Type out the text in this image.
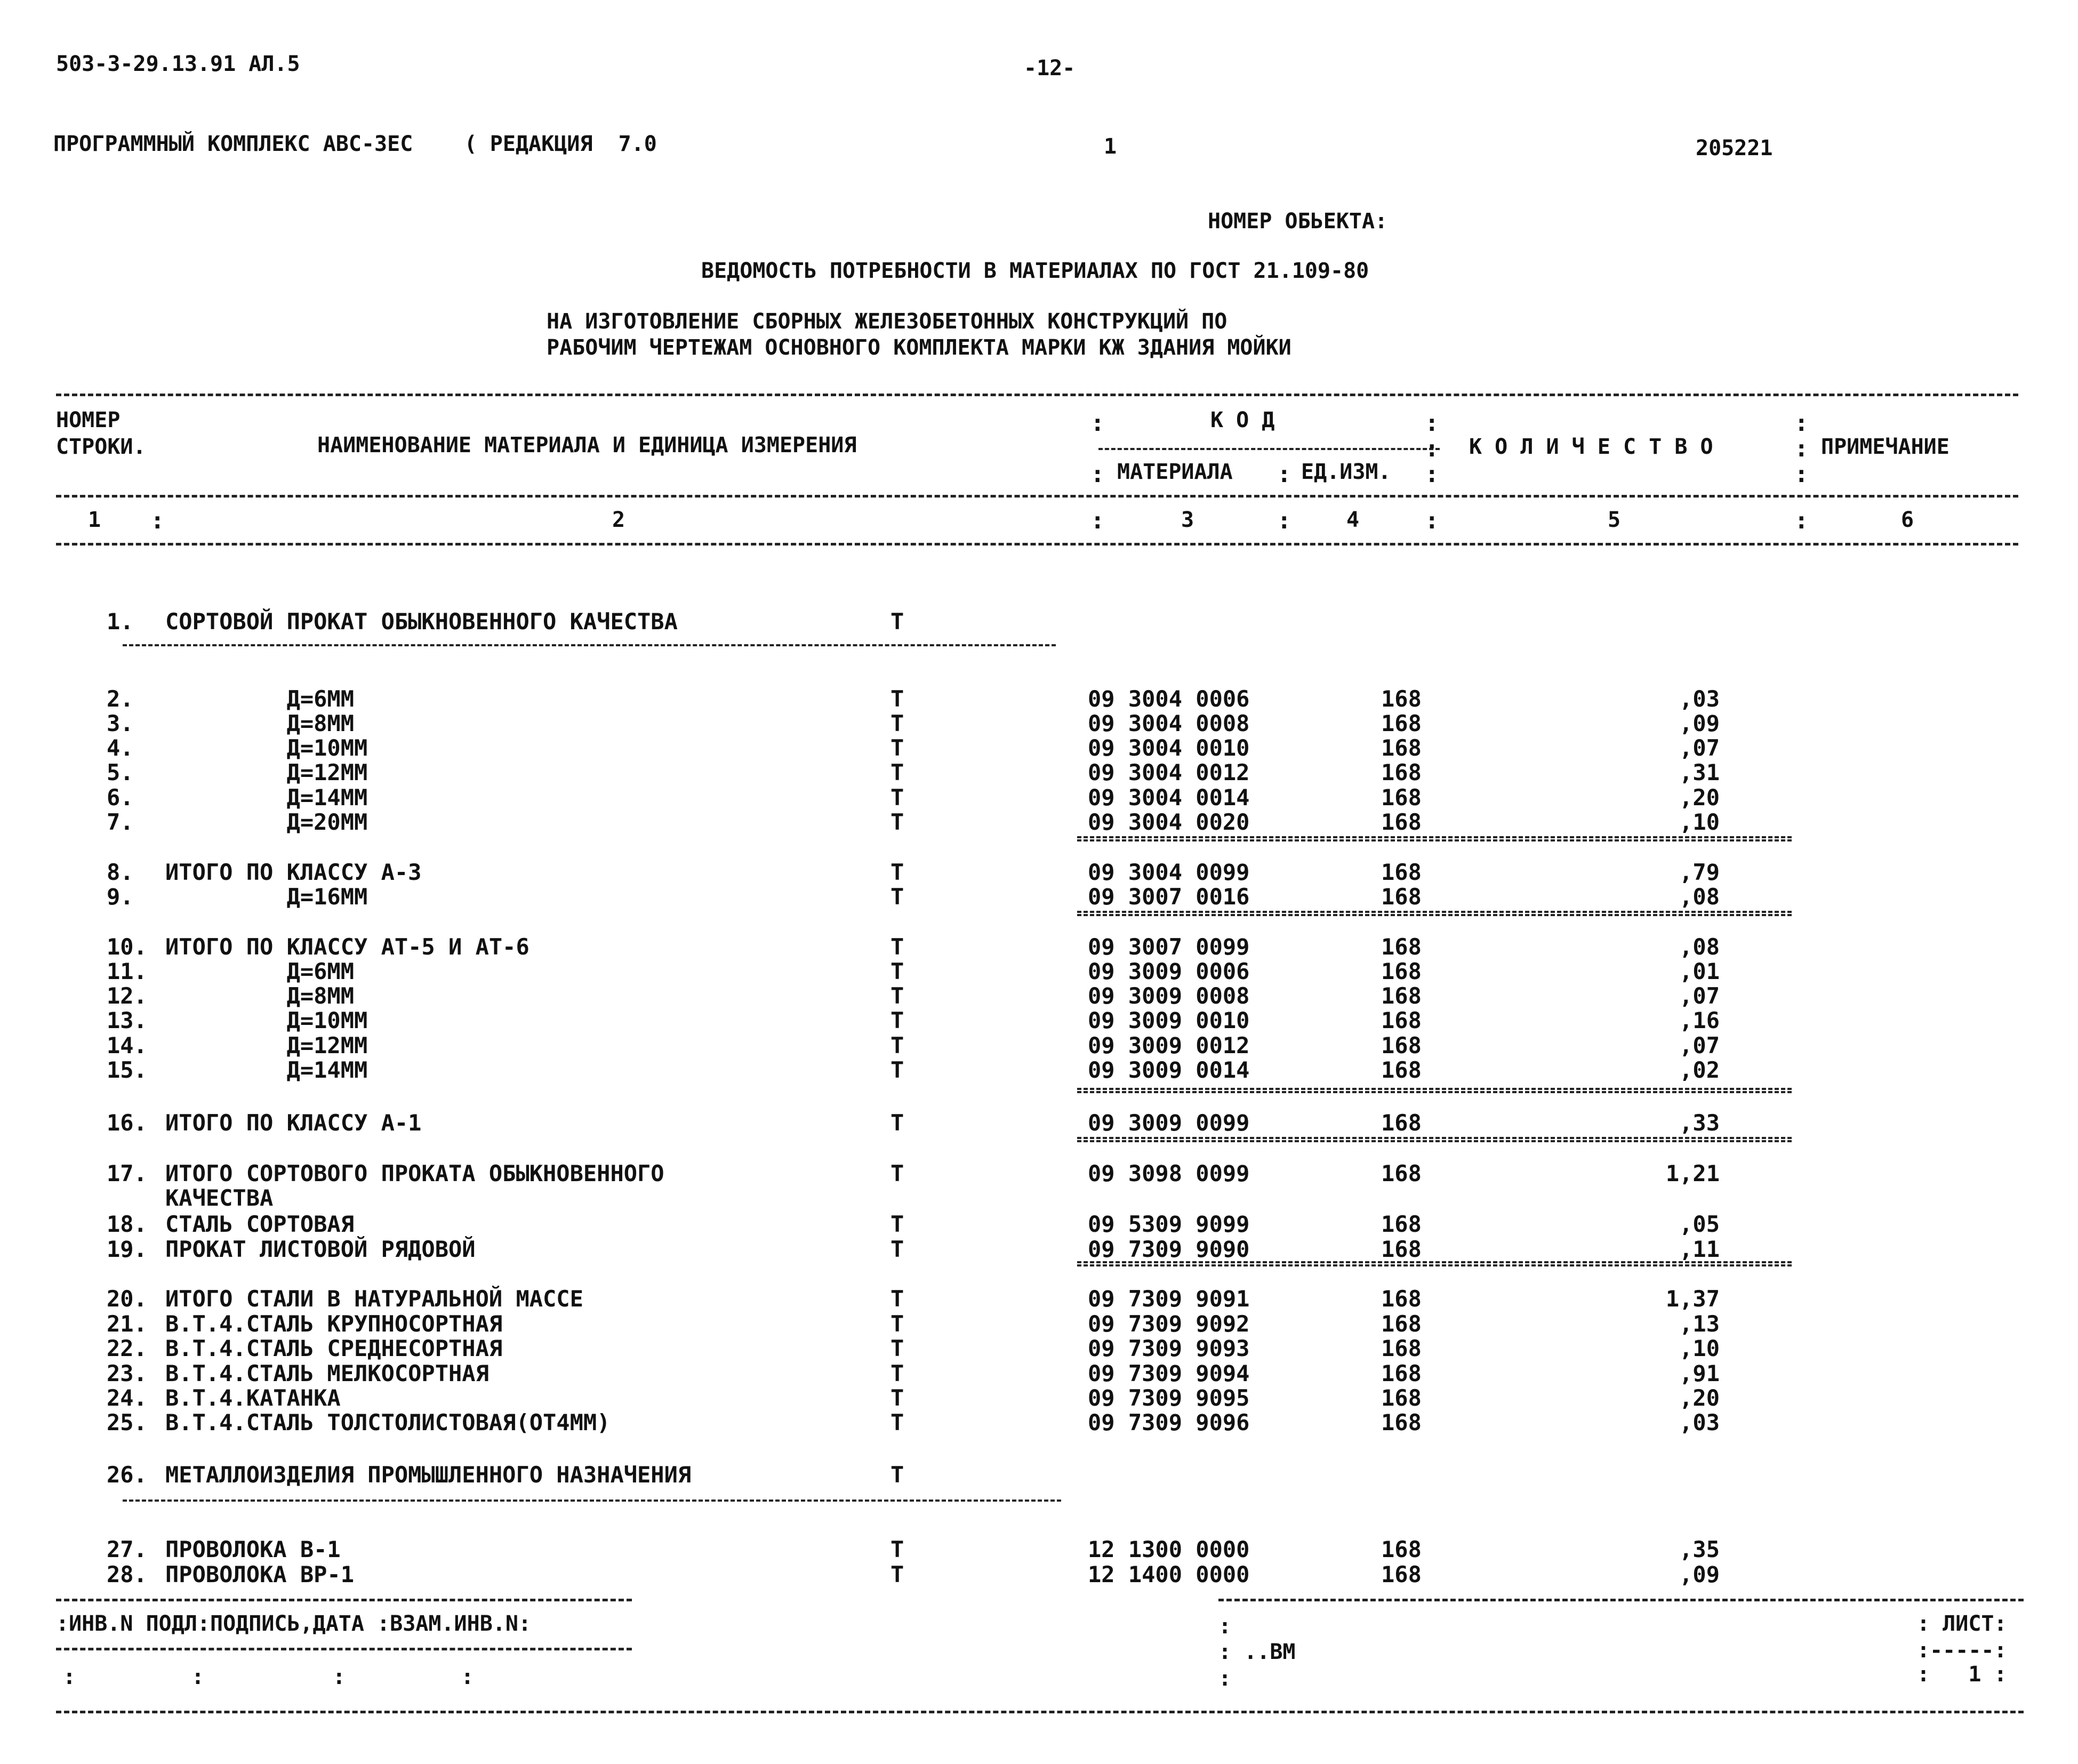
503-3-29.13.91 АЛ.5	-12-
ПРОГРАММНЫЙ КОМПЛЕКС АВС-3ЕС    ( РЕДАКЦИЯ  7.0	1	205221
НОМЕР ОБЬЕКТА:
ВЕДОМОСТЬ ПОТРЕБНОСТИ В МАТЕРИАЛАХ ПО ГОСТ 21.109-80
НА ИЗГОТОВЛЕНИЕ СБОРНЫХ ЖЕЛЕЗОБЕТОННЫХ КОНСТРУКЦИЙ ПО
РАБОЧИМ ЧЕРТЕЖАМ ОСНОВНОГО КОМПЛЕКТА МАРКИ КЖ ЗДАНИЯ МОЙКИ
НОМЕР
СТРОКИ.	НАИМЕНОВАНИЕ МАТЕРИАЛА И ЕДИНИЦА ИЗМЕРЕНИЯ
К О Д
МАТЕРИАЛА	ЕД.ИЗМ.
К О Л И Ч Е С Т В О	ПРИМЕЧАНИЕ
:
:	:
:
:
:
:
:
:
1 :	2	:	3	:	4	:	5	:	6
1. СОРТОВОЙ ПРОКАТ ОБЫКНОВЕННОГО КАЧЕСТВА	Т
2. Д=6ММ	Т	09 3004 0006	168	,03
3. Д=8ММ	Т	09 3004 0008	168	,09
4. Д=10ММ	Т	09 3004 0010	168	,07
5. Д=12ММ	Т	09 3004 0012	168	,31
6. Д=14ММ	Т	09 3004 0014	168	,20
7. Д=20ММ	Т	09 3004 0020	168	,10
8. ИТОГО ПО КЛАССУ А-3	Т	09 3004 0099	168	,79
9. Д=16ММ	Т	09 3007 0016	168	,08
10. ИТОГО ПО КЛАССУ АТ-5 И АТ-6	Т	09 3007 0099	168	,08
11. Д=6ММ	Т	09 3009 0006	168	,01
12. Д=8ММ	Т	09 3009 0008	168	,07
13. Д=10ММ	Т	09 3009 0010	168	,16
14. Д=12ММ	Т	09 3009 0012	168	,07
15. Д=14ММ	Т	09 3009 0014	168	,02
16. ИТОГО ПО КЛАССУ А-1	Т	09 3009 0099	168	,33
17. ИТОГО СОРТОВОГО ПРОКАТА ОБЫКНОВЕННОГО	Т	09 3098 0099	168	1,21
КАЧЕСТВА
18. СТАЛЬ СОРТОВАЯ	Т	09 5309 9099	168	,05
19. ПРОКАТ ЛИСТОВОЙ РЯДОВОЙ	Т	09 7309 9090	168	,11
20. ИТОГО СТАЛИ В НАТУРАЛЬНОЙ МАССЕ	Т	09 7309 9091	168	1,37
21. В.Т.4.СТАЛЬ КРУПНОСОРТНАЯ	Т	09 7309 9092	168	,13
22. В.Т.4.СТАЛЬ СРЕДНЕСОРТНАЯ	Т	09 7309 9093	168	,10
23. В.Т.4.СТАЛЬ МЕЛКОСОРТНАЯ	Т	09 7309 9094	168	,91
24. В.Т.4.КАТАНКА	Т	09 7309 9095	168	,20
25. В.Т.4.СТАЛЬ ТОЛСТОЛИСТОВАЯ(ОТ4ММ)	Т	09 7309 9096	168	,03
26. МЕТАЛЛОИЗДЕЛИЯ ПРОМЫШЛЕННОГО НАЗНАЧЕНИЯ	Т
27. ПРОВОЛОКА В-1	Т	12 1300 0000	168	,35
28. ПРОВОЛОКА ВР-1	Т	12 1400 0000	168	,09
:ИНВ.N ПОДЛ:ПОДПИСЬ,ДАТА :ВЗАМ.ИНВ.N:
:         :          :         :
:
: ..ВМ
:
: ЛИСТ:
:-----:
:   1 :
